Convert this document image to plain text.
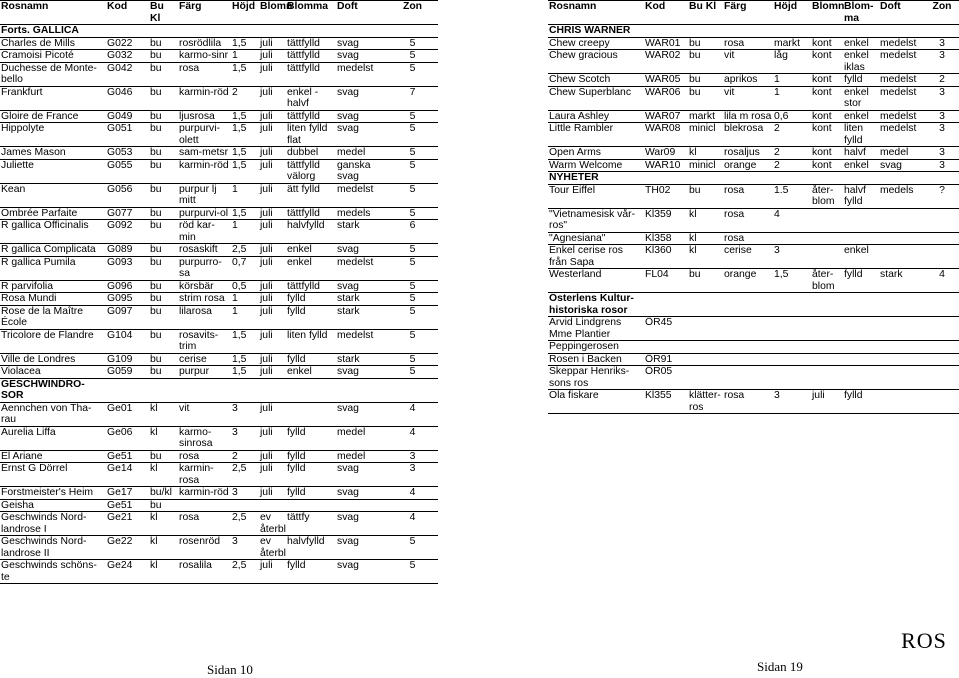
Rosnamn	Kod	Bu Kl	Färg	Höjd	Blomn	Blomma	Doft	Zon
Forts. GALLICA								
Charles de Mills	G022	bu	rosrödlila	1,5	juli	tättfylld	svag	5
Cramoisi Picoté	G032	bu	karmo-sinr	1	juli	tättfylld	svag	5
Duchesse de Monte-bello	G042	bu	rosa	1,5	juli	tättfylld	medelst	5
Frankfurt	G046	bu	karmin-röd	2	juli	enkel - halvf	svag	7
Gloire de France	G049	bu	ljusrosa	1,5	juli	tättfylld	svag	5
Hippolyte	G051	bu	purpurvi-olett	1,5	juli	liten fylld flat	svag	5
James Mason	G053	bu	sam-metsr	1,5	juli	dubbel	medel	5
Juliette	G055	bu	karmin-röd	1,5	juli	tättfylld välorg	ganska svag	5
Kean	G056	bu	purpur lj mitt	1	juli	ätt fylld	medelst	5
Ombrée Parfaite	G077	bu	purpurvi-ol	1,5	juli	tättfylld	medels	5
R gallica Officinalis	G092	bu	röd kar-min	1	juli	halvfylld	stark	6
R gallica Complicata	G089	bu	rosaskift	2,5	juli	enkel	svag	5
R gallica Pumila	G093	bu	purpurro-sa	0,7	juli	enkel	medelst	5
R parvifolia	G096	bu	körsbär	0,5	juli	tättfylld	svag	5
Rosa Mundi	G095	bu	strim rosa	1	juli	fylld	stark	5
Rose de la Maître École	G097	bu	lilarosa	1	juli	fylld	stark	5
Tricolore de Flandre	G104	bu	rosavits-trim	1,5	juli	liten fylld	medelst	5
Ville de Londres	G109	bu	cerise	1,5	juli	fylld	stark	5
Violacea	G059	bu	purpur	1,5	juli	enkel	svag	5
GESCHWINDRO-SOR								
Aennchen von Tha-rau	Ge01	kl	vit	3	juli		svag	4
Aurelia Liffa	Ge06	kl	karmo-sinrosa	3	juli	fylld	medel	4
El Ariane	Ge51	bu	rosa	2	juli	fylld	medel	3
Ernst G Dörrel	Ge14	kl	karmin-rosa	2,5	juli	fylld	svag	3
Forstmeister's Heim	Ge17	bu/kl	karmin-röd	3	juli	fylld	svag	4
Geisha	Ge51	bu						
Geschwinds Nord-landrose I	Ge21	kl	rosa	2,5	ev återbl	tättfy	svag	4
Geschwinds Nord-landrose II	Ge22	kl	rosenröd	3	ev återbl	halvfylld	svag	5
Geschwinds schöns-te	Ge24	kl	rosalila	2,5	juli	fylld	svag	5
Sidan 10
Rosnamn	Kod	Bu Kl	Färg	Höjd	Blomn	Blom-ma	Doft	Zon
CHRIS WARNER								
Chew creepy	WAR01	bu	rosa	markt	kont	enkel	medelst	3
Chew gracious	WAR02	bu	vit	låg	kont	enkel iklas	medelst	3
Chew Scotch	WAR05	bu	aprikos	1	kont	fylld	medelst	2
Chew Superblanc	WAR06	bu	vit	1	kont	enkel stor	medelst	3
Laura Ashley	WAR07	markt	lila m rosa	0,6	kont	enkel	medelst	3
Little Rambler	WAR08	minicl	blekrosa	2	kont	liten fylld	medelst	3
Open Arms	War09	kl	rosaljus	2	kont	halvf	medel	3
Warm Welcome	WAR10	minicl	orange	2	kont	enkel	svag	3
NYHETER								
Tour Eiffel	TH02	bu	rosa	1.5	åter-blom	halvf fylld	medels	?
"Vietnamesisk vår-ros"	Kl359	kl	rosa	4				
"Agnesiana"	Kl358	kl	rosa					
Enkel cerise ros från Sapa	Kl360	kl	cerise	3		enkel		
Westerland	FL04	bu	orange	1,5	åter-blom	fylld	stark	4
Österlens Kultur-historiska rosor								
Arvid Lindgrens Mme Plantier	ÖR45							
Peppingerosen								
Rosen i Backen	ÖR91							
Skeppar Henriks-sons ros	ÖR05							
Ola fiskare	Kl355	klätter-ros	rosa	3	juli	fylld		
Sidan 19
ROS
